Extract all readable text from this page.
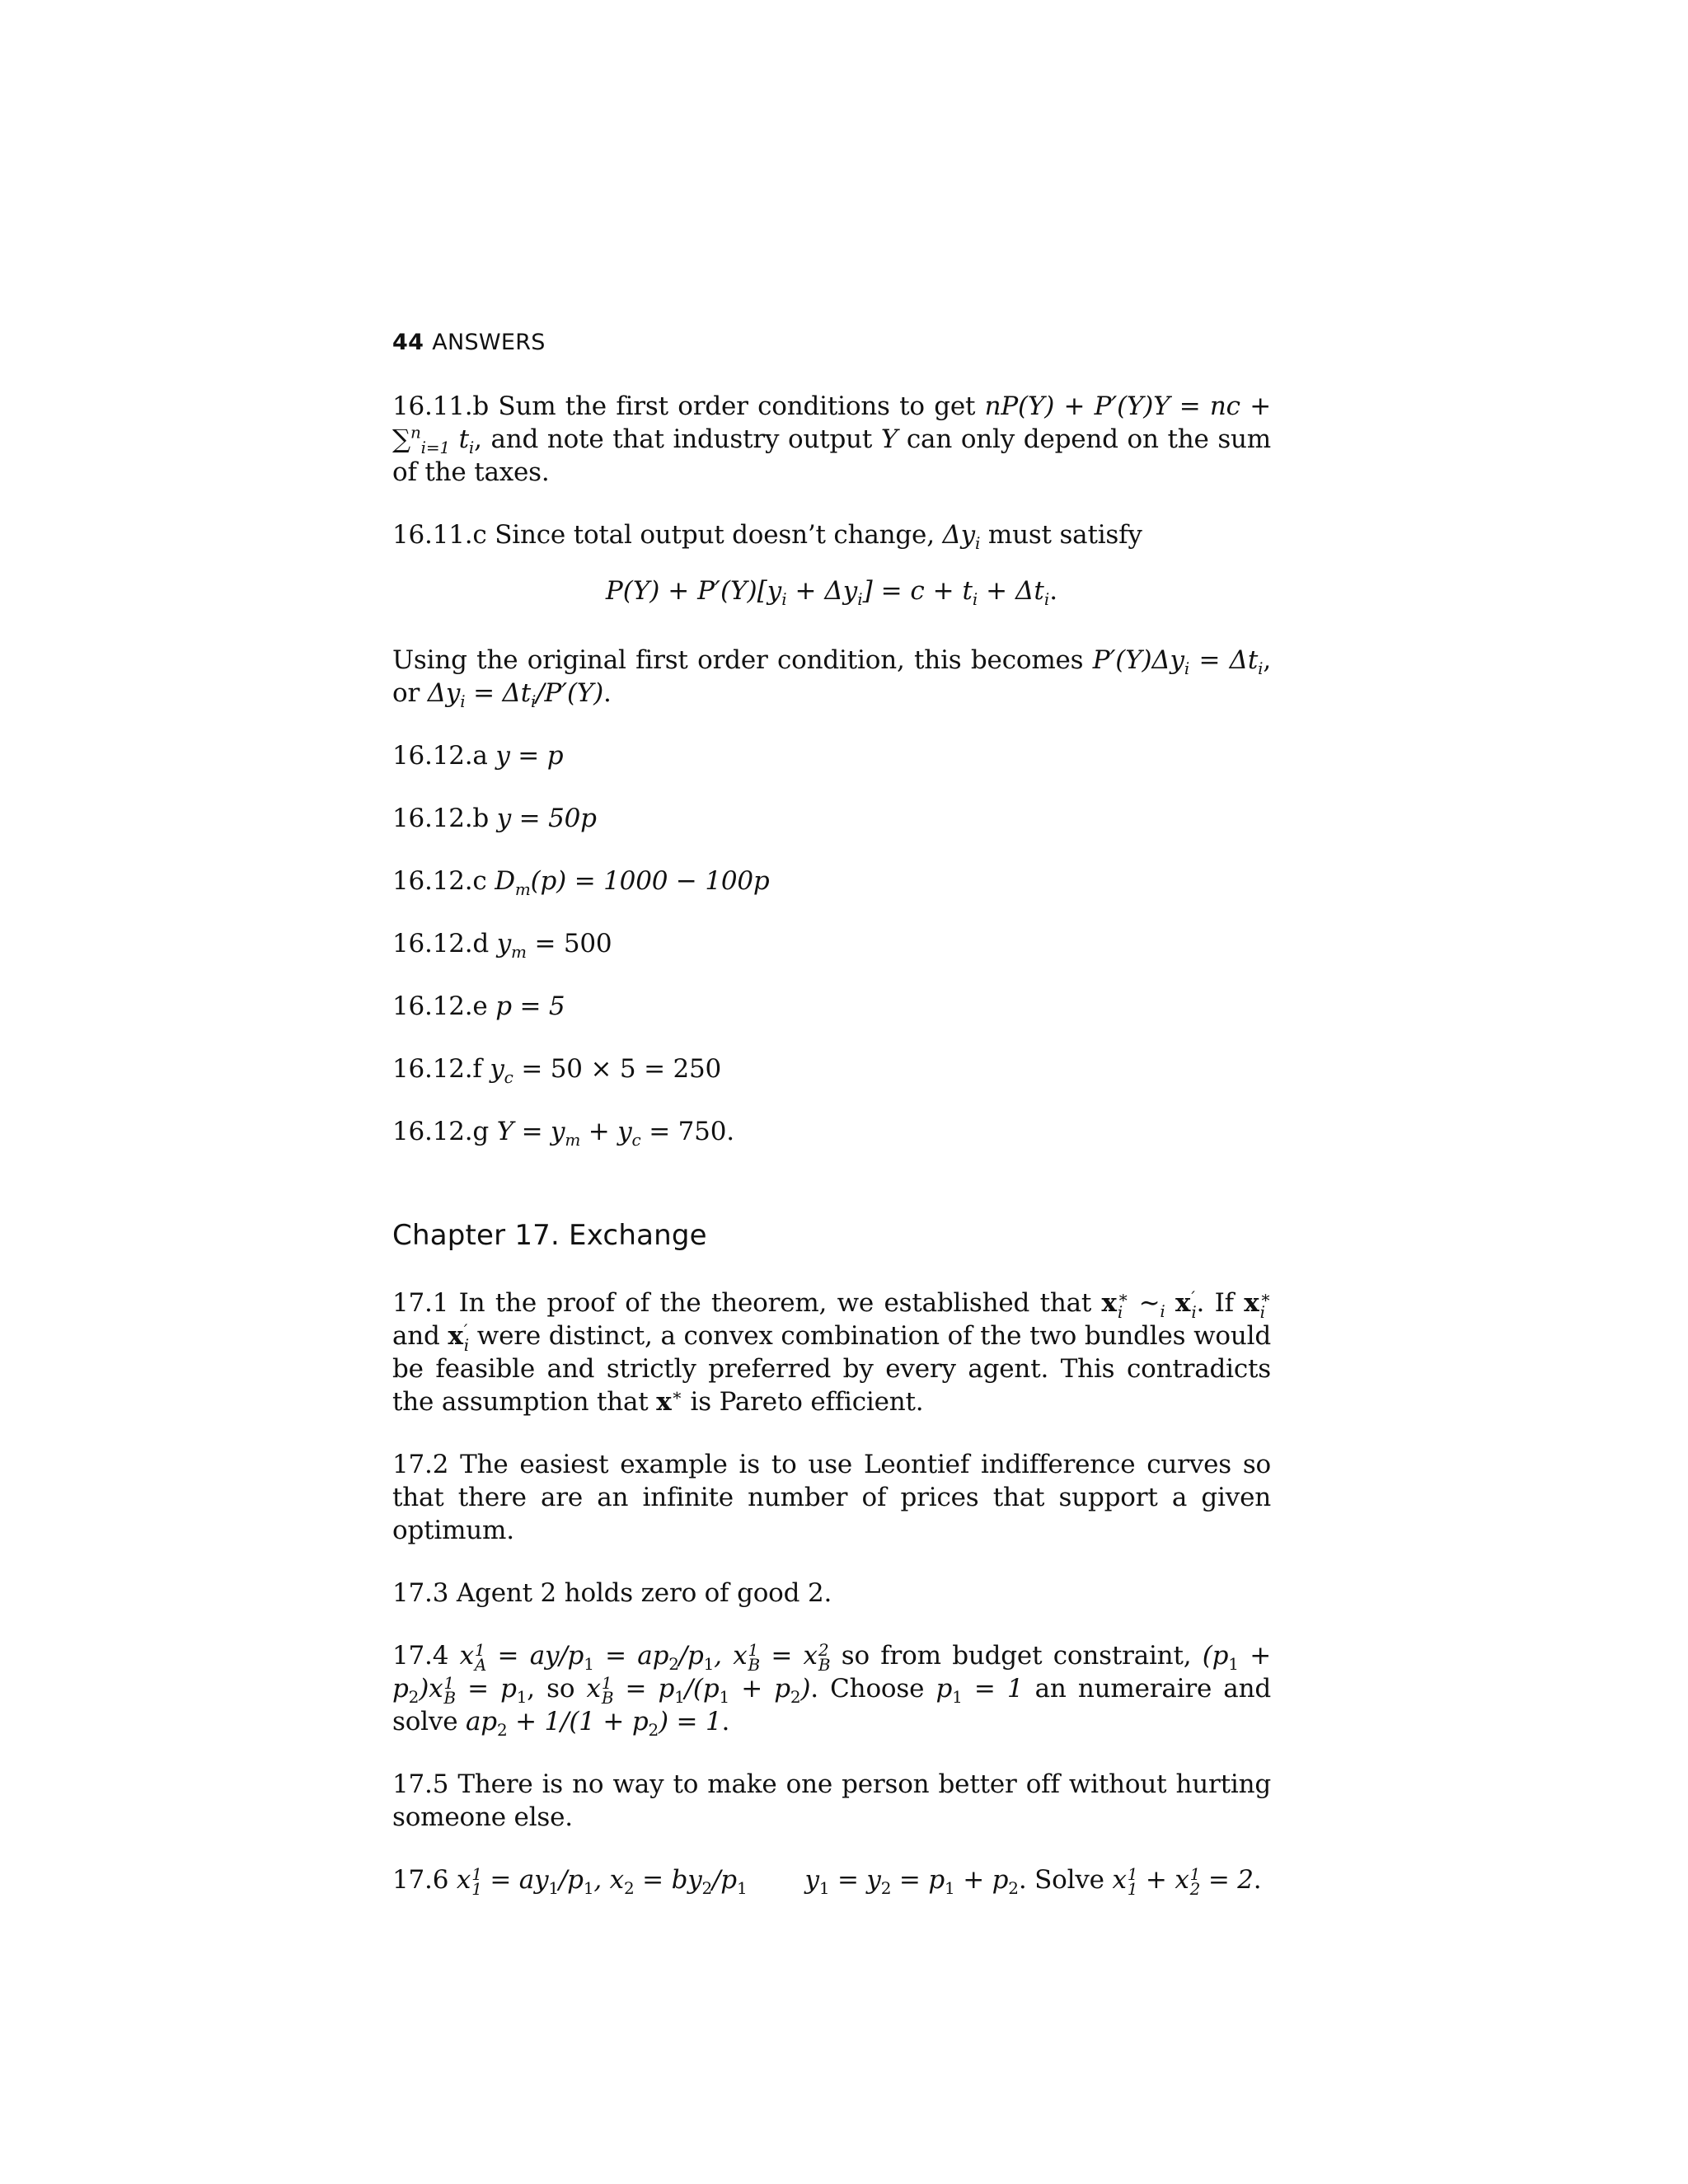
44 ANSWERS

16.11.b Sum the first order conditions to get nP(Y) + P′(Y)Y = nc + ∑$^n_{i=1}$ $t_i$, and note that industry output Y can only depend on the sum of the taxes.

16.11.c Since total output doesn’t change, $\Delta y_i$ must satisfy

$P(Y) + P'(Y)[y_i + \Delta y_i] = c + t_i + \Delta t_i$.

Using the original first order condition, this becomes $P'(Y)\Delta y_i = \Delta t_i$, or $\Delta y_i = \Delta t_i/P'(Y)$.

16.12.a y = p

16.12.b y = 50p

16.12.c $D_m(p) = 1000 - 100p$

16.12.d $y_m = 500$

16.12.e p = 5

16.12.f $y_c = 50 \times 5 = 250$

16.12.g $Y = y_m + y_c = 750$.

Chapter 17. Exchange

17.1 In the proof of the theorem, we established that x ∗
i $\sim_i$ x ′
i . If x ∗
i
and x ′
i were distinct, a convex combination of the two bundles would be feasible and strictly preferred by every agent. This contradicts the assumption that x∗ is Pareto efficient.

17.2 The easiest example is to use Leontief indifference curves so that there are an infinite number of prices that support a given optimum.

17.3 Agent 2 holds zero of good 2.

17.4 x 1
$A = ay/p_1 = ap_2/p_1$, x 1
B = x 2
B so from budget constraint, $(p_1 + p_2)x$ 1
$B = p_1$, so x 1
$B = p_1/(p_1 + p_2)$. Choose $p_1 = 1$ an numeraire and solve $ap_2 + 1/(1 + p_2) = 1$.

17.5 There is no way to make one person better off without hurting someone else.

17.6 x 1
$1 = ay_1/p_1$, $x_2 = by_2/p_1$ $y_1 = y_2 = p_1 + p_2$. Solve x 1
1 + x 1
2 = 2.
